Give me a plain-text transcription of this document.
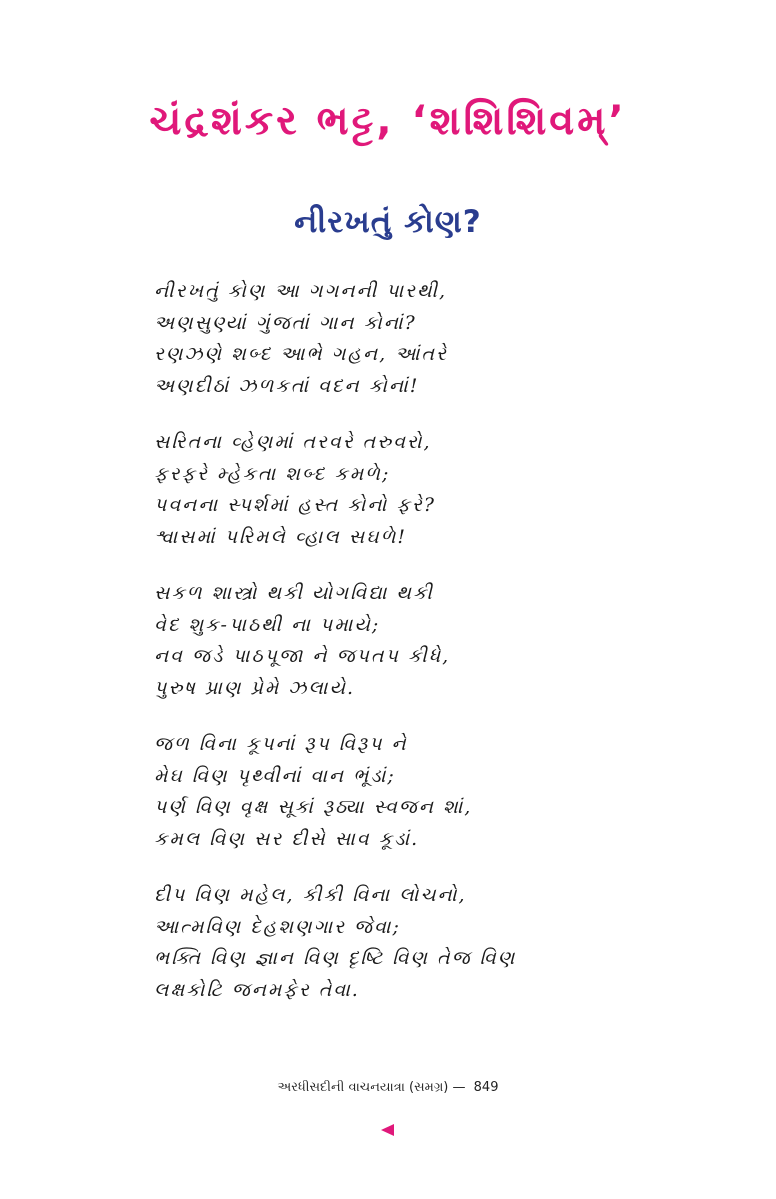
ચંદ્રશંકર ભટ્ટ, ‘શશિશિવમ્’
નીરખતું કોણ?
નીરખતું કોણ આ ગગનની પારથી,
અણસુણ્યાં ગુંજતાં ગાન કોનાં?
રણઝણે શબ્દ આભે ગહન, આંતરે
અણદીઠાં ઝળકતાં વદન કોનાં!
સરિતના વ્હેણમાં તરવરે તરુવરો,
ફરફરે મ્હેકતા શબ્દ કમળે;
પવનના સ્પર્શમાં હસ્ત કોનો ફરે?
શ્વાસમાં પરિમલે વ્હાલ સઘળે!
સકળ શાસ્ત્રો થકી યોગવિદ્યા થકી
વેદ શુક-પાઠથી ના પમાયે;
નવ જડે પાઠપૂજા ને જપતપ કીધે,
પુરુષ પ્રાણ પ્રેમે ઝલાયે.
જળ વિના કૂપનાં રૂપ વિરૂપ ને
મેઘ વિણ પૃથ્વીનાં વાન ભૂંડાં;
પર્ણ વિણ વૃક્ષ સૂકાં રૂઠ્યા સ્વજન શાં,
કમલ વિણ સર દીસે સાવ કૂડાં.
દીપ વિણ મહેલ, કીકી વિના લોચનો,
આત્મવિણ દેહશણગાર જેવા;
ભક્તિ વિણ જ્ઞાન વિણ દૃષ્ટિ વિણ તેજ વિણ
લક્ષકોટિ જનમફેર તેવા.
અરધીસદીની વાચનયાત્રા (સમગ્ર) — 849
